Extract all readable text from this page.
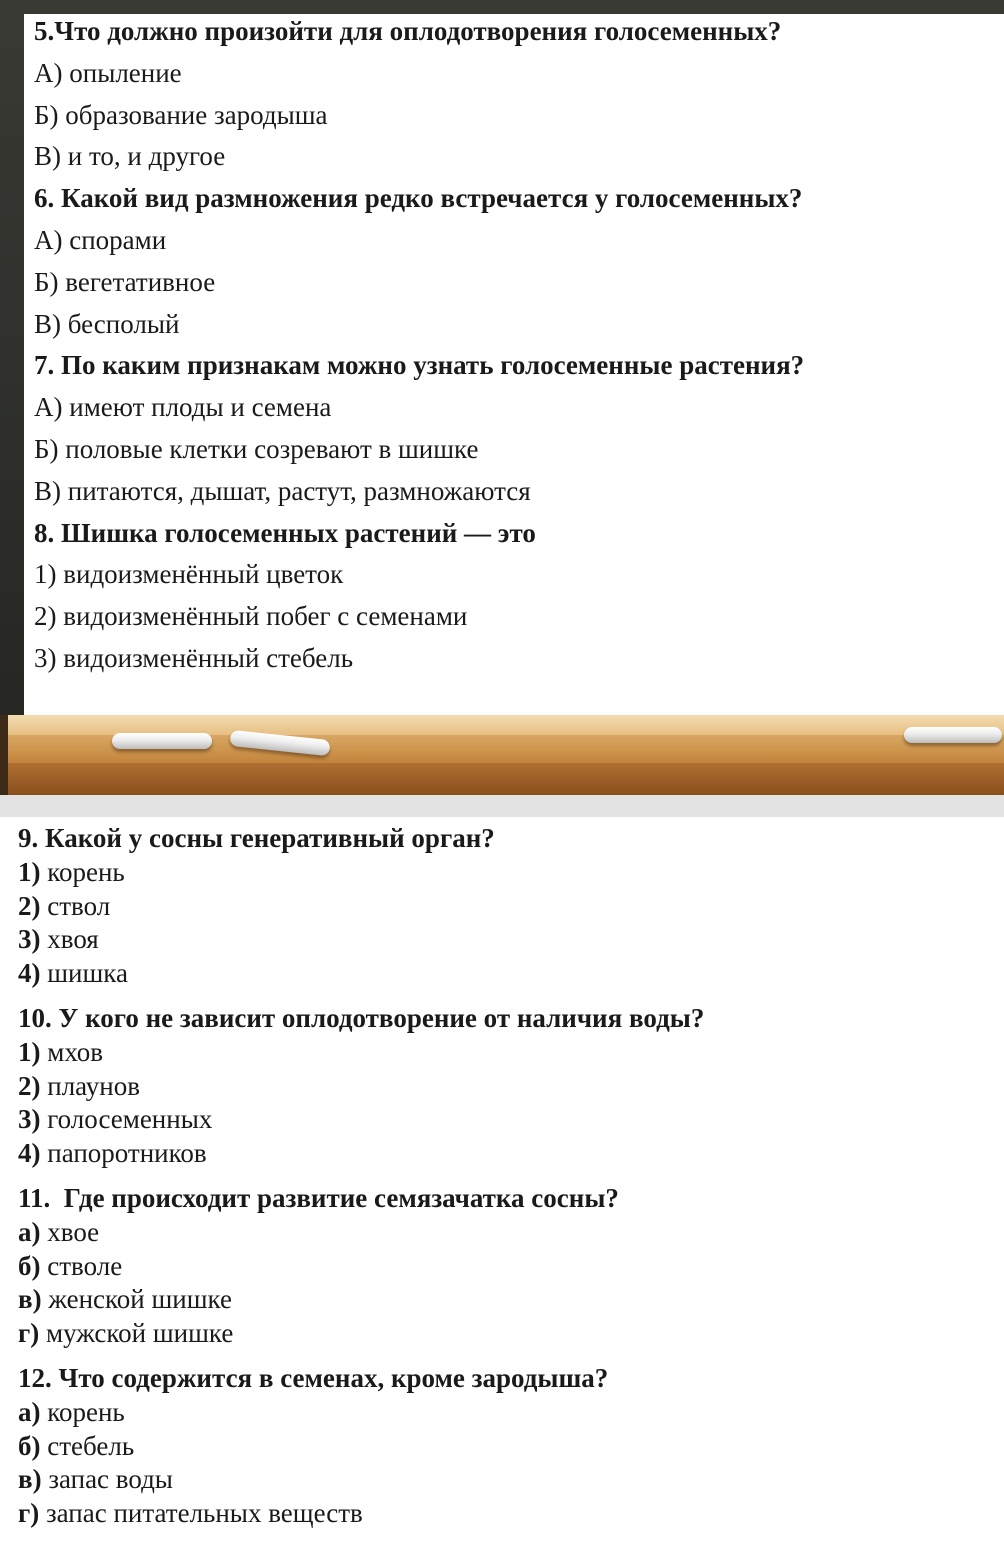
5.Что должно произойти для оплодотворения голосеменных?
А) опыление
Б) образование зародыша
В) и то, и другое
6. Какой вид размножения редко встречается у голосеменных?
А) спорами
Б) вегетативное
В) бесполый
7. По каким признакам можно узнать голосеменные растения?
А) имеют плоды и семена
Б) половые клетки созревают в шишке
В) питаются, дышат, растут, размножаются
8. Шишка голосеменных растений — это
1) видоизменённый цветок
2) видоизменённый побег с семенами
3) видоизменённый стебель
9. Какой у сосны генеративный орган?
1) корень
2) ствол
3) хвоя
4) шишка
10. У кого не зависит оплодотворение от наличия воды?
1) мхов
2) плаунов
3) голосеменных
4) папоротников
11.  Где происходит развитие семязачатка сосны?
а) хвое
б) стволе
в) женской шишке
г) мужской шишке
12. Что содержится в семенах, кроме зародыша?
а) корень
б) стебель
в) запас воды
г) запас питательных веществ
